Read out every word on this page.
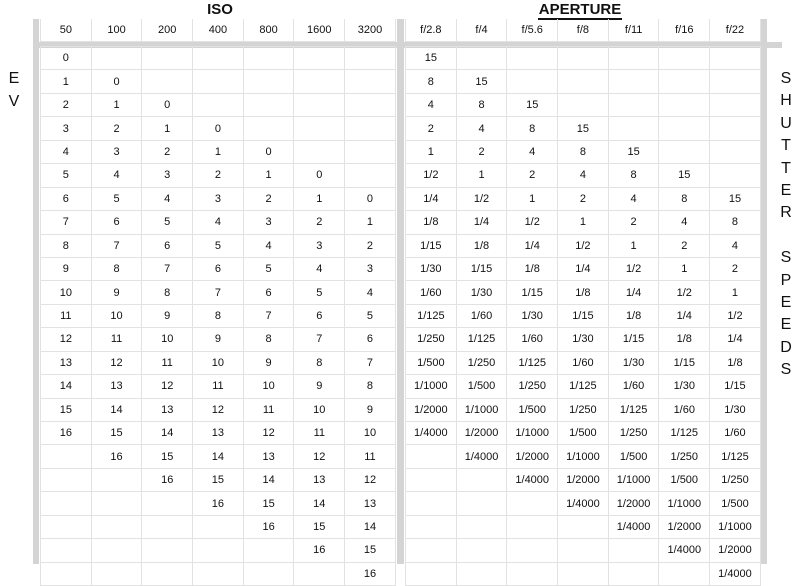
ISO	APERTURE
E
V
S
H
U
T
T
E
R
S
P
E
E
D
S
50	100	200	400	800	1600	3200

0						
1	0					
2	1	0				
3	2	1	0			
4	3	2	1	0		
5	4	3	2	1	0	
6	5	4	3	2	1	0
7	6	5	4	3	2	1
8	7	6	5	4	3	2
9	8	7	6	5	4	3
10	9	8	7	6	5	4
11	10	9	8	7	6	5
12	11	10	9	8	7	6
13	12	11	10	9	8	7
14	13	12	11	10	9	8
15	14	13	12	11	10	9
16	15	14	13	12	11	10
	16	15	14	13	12	11
		16	15	14	13	12
			16	15	14	13
				16	15	14
					16	15
						16
f/2.8	f/4	f/5.6	f/8	f/11	f/16	f/22

15						
8	15					
4	8	15				
2	4	8	15			
1	2	4	8	15		
1/2	1	2	4	8	15	
1/4	1/2	1	2	4	8	15
1/8	1/4	1/2	1	2	4	8
1/15	1/8	1/4	1/2	1	2	4
1/30	1/15	1/8	1/4	1/2	1	2
1/60	1/30	1/15	1/8	1/4	1/2	1
1/125	1/60	1/30	1/15	1/8	1/4	1/2
1/250	1/125	1/60	1/30	1/15	1/8	1/4
1/500	1/250	1/125	1/60	1/30	1/15	1/8
1/1000	1/500	1/250	1/125	1/60	1/30	1/15
1/2000	1/1000	1/500	1/250	1/125	1/60	1/30
1/4000	1/2000	1/1000	1/500	1/250	1/125	1/60
	1/4000	1/2000	1/1000	1/500	1/250	1/125
		1/4000	1/2000	1/1000	1/500	1/250
			1/4000	1/2000	1/1000	1/500
				1/4000	1/2000	1/1000
					1/4000	1/2000
						1/4000
